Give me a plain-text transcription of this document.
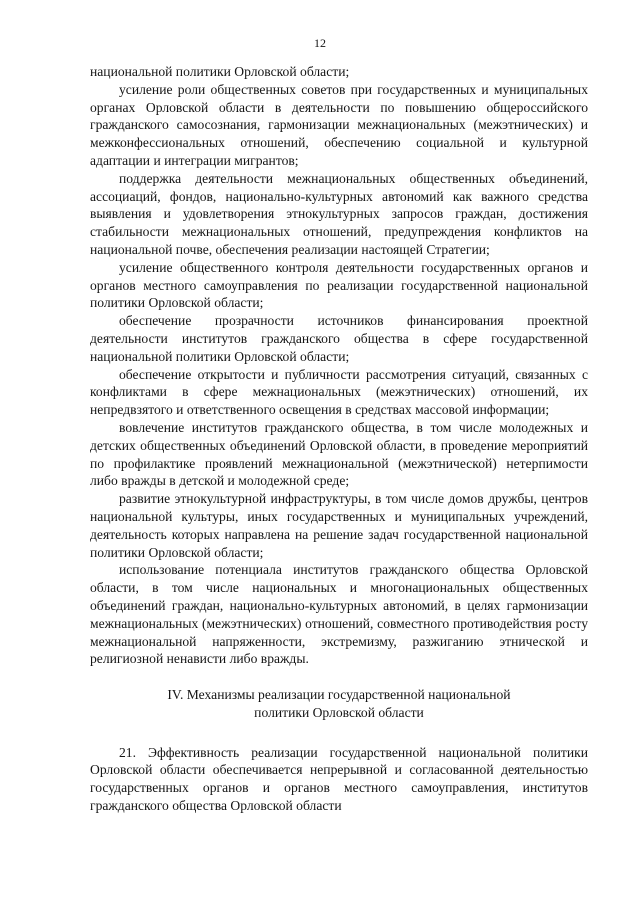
12

национальной политики Орловской области;

усиление роли общественных советов при государственных и муниципальных органах Орловской области в деятельности по повышению общероссийского гражданского самосознания, гармонизации межнациональных (межэтнических) и межконфессиональных отношений, обеспечению социальной и культурной адаптации и интеграции мигрантов;

поддержка деятельности межнациональных общественных объединений, ассоциаций, фондов, национально-культурных автономий как важного средства выявления и удовлетворения этнокультурных запросов граждан, достижения стабильности межнациональных отношений, предупреждения конфликтов на национальной почве, обеспечения реализации настоящей Стратегии;

усиление общественного контроля деятельности государственных органов и органов местного самоуправления по реализации государственной национальной политики Орловской области;

обеспечение прозрачности источников финансирования проектной деятельности институтов гражданского общества в сфере государственной национальной политики Орловской области;

обеспечение открытости и публичности рассмотрения ситуаций, связанных с конфликтами в сфере межнациональных (межэтнических) отношений, их непредвзятого и ответственного освещения в средствах массовой информации;

вовлечение институтов гражданского общества, в том числе молодежных и детских общественных объединений Орловской области, в проведение мероприятий по профилактике проявлений межнациональной (межэтнической) нетерпимости либо вражды в детской и молодежной среде;

развитие этнокультурной инфраструктуры, в том числе домов дружбы, центров национальной культуры, иных государственных и муниципальных учреждений, деятельность которых направлена на решение задач государственной национальной политики Орловской области;

использование потенциала институтов гражданского общества Орловской области, в том числе национальных и многонациональных общественных объединений граждан, национально-культурных автономий, в целях гармонизации межнациональных (межэтнических) отношений, совместного противодействия росту межнациональной напряженности, экстремизму, разжиганию этнической и религиозной ненависти либо вражды.

IV. Механизмы реализации государственной национальной
политики Орловской области

21. Эффективность реализации государственной национальной политики Орловской области обеспечивается непрерывной и согласованной деятельностью государственных органов и органов местного самоуправления, институтов гражданского общества Орловской области
